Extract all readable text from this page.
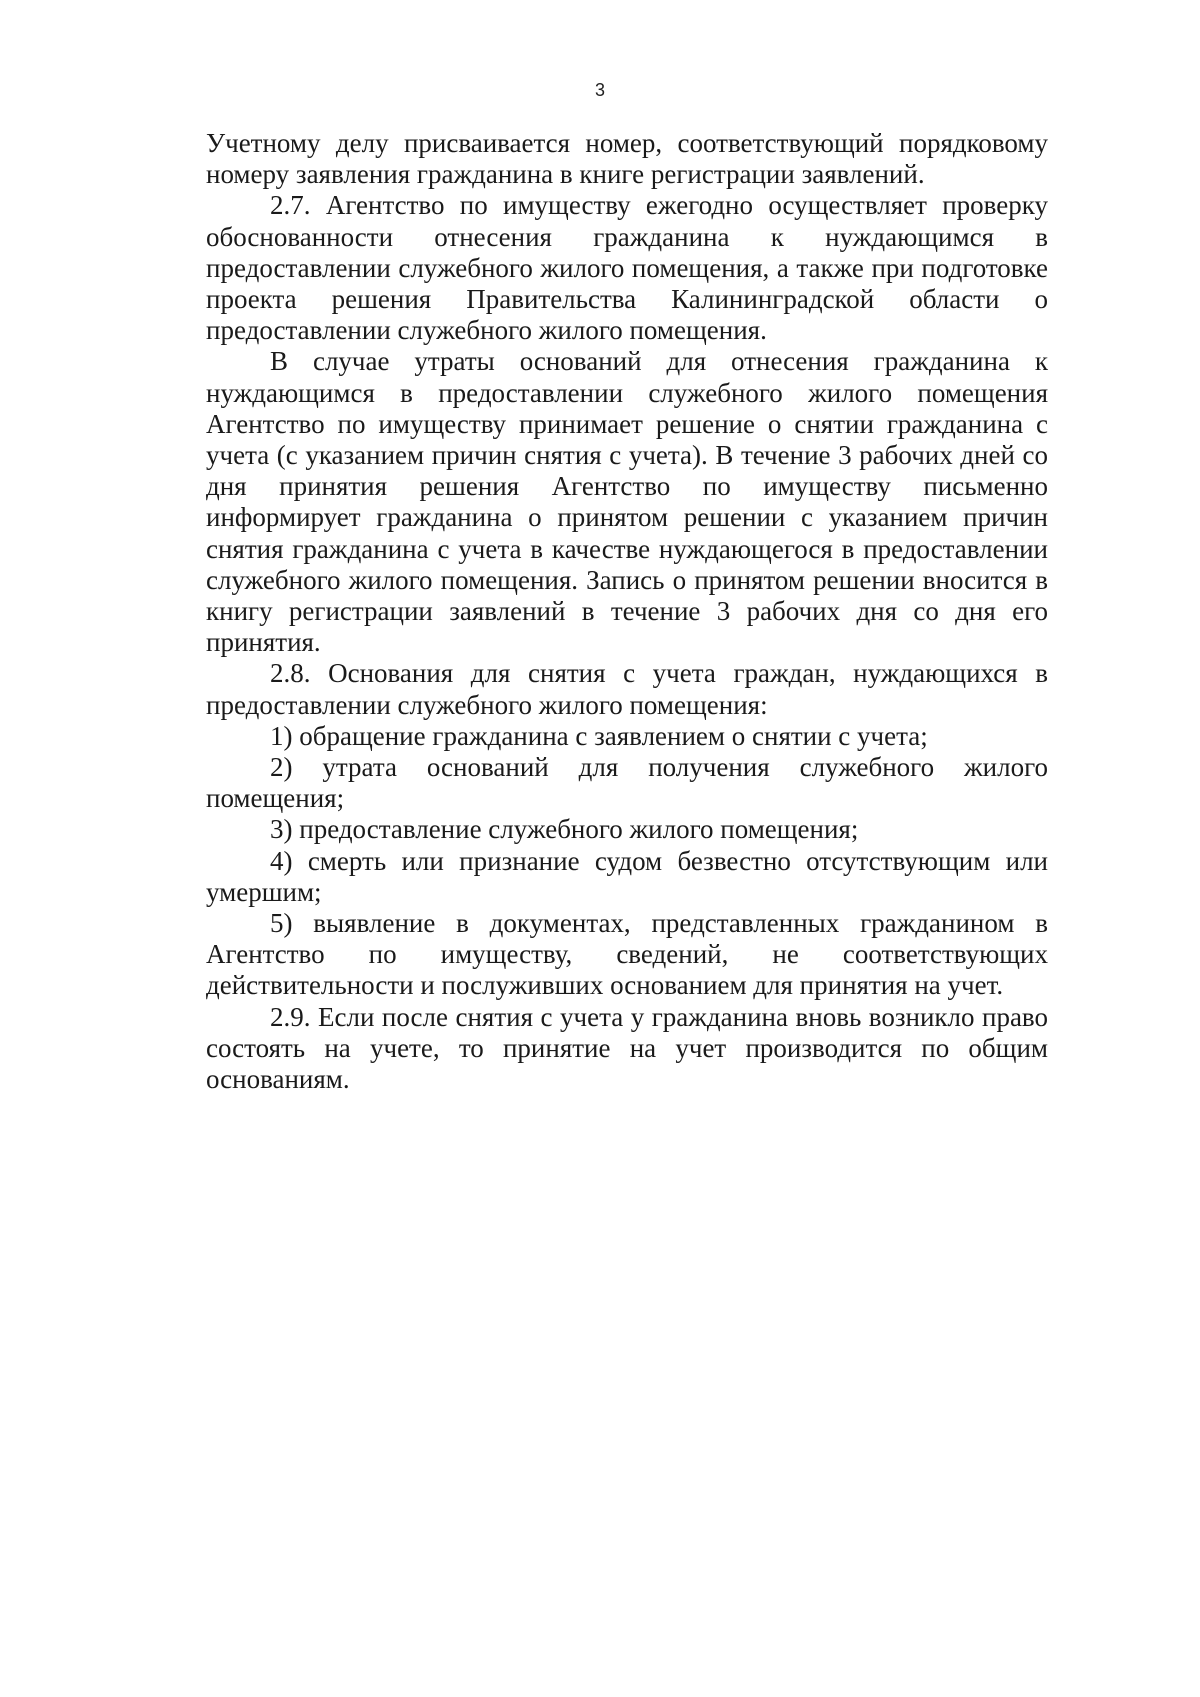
3

Учетному делу присваивается номер, соответствующий порядковому номеру заявления гражданина в книге регистрации заявлений.

2.7. Агентство по имуществу ежегодно осуществляет проверку обоснованности отнесения гражданина к нуждающимся в предоставлении служебного жилого помещения, а также при подготовке проекта решения Правительства Калининградской области о предоставлении служебного жилого помещения.

В случае утраты оснований для отнесения гражданина к нуждающимся в предоставлении служебного жилого помещения Агентство по имуществу принимает решение о снятии гражданина с учета (с указанием причин снятия с учета). В течение 3 рабочих дней со дня принятия решения Агентство по имуществу письменно информирует гражданина о принятом решении с указанием причин снятия гражданина с учета в качестве нуждающегося в предоставлении служебного жилого помещения. Запись о принятом решении вносится в книгу регистрации заявлений в течение 3 рабочих дня со дня его принятия.

2.8. Основания для снятия с учета граждан, нуждающихся в предоставлении служебного жилого помещения:

1) обращение гражданина с заявлением о снятии с учета;

2) утрата оснований для получения служебного жилого помещения;

3) предоставление служебного жилого помещения;

4) смерть или признание судом безвестно отсутствующим или умершим;

5) выявление в документах, представленных гражданином в Агентство по имуществу, сведений, не соответствующих действительности и послуживших основанием для принятия на учет.

2.9. Если после снятия с учета у гражданина вновь возникло право состоять на учете, то принятие на учет производится по общим основаниям.
